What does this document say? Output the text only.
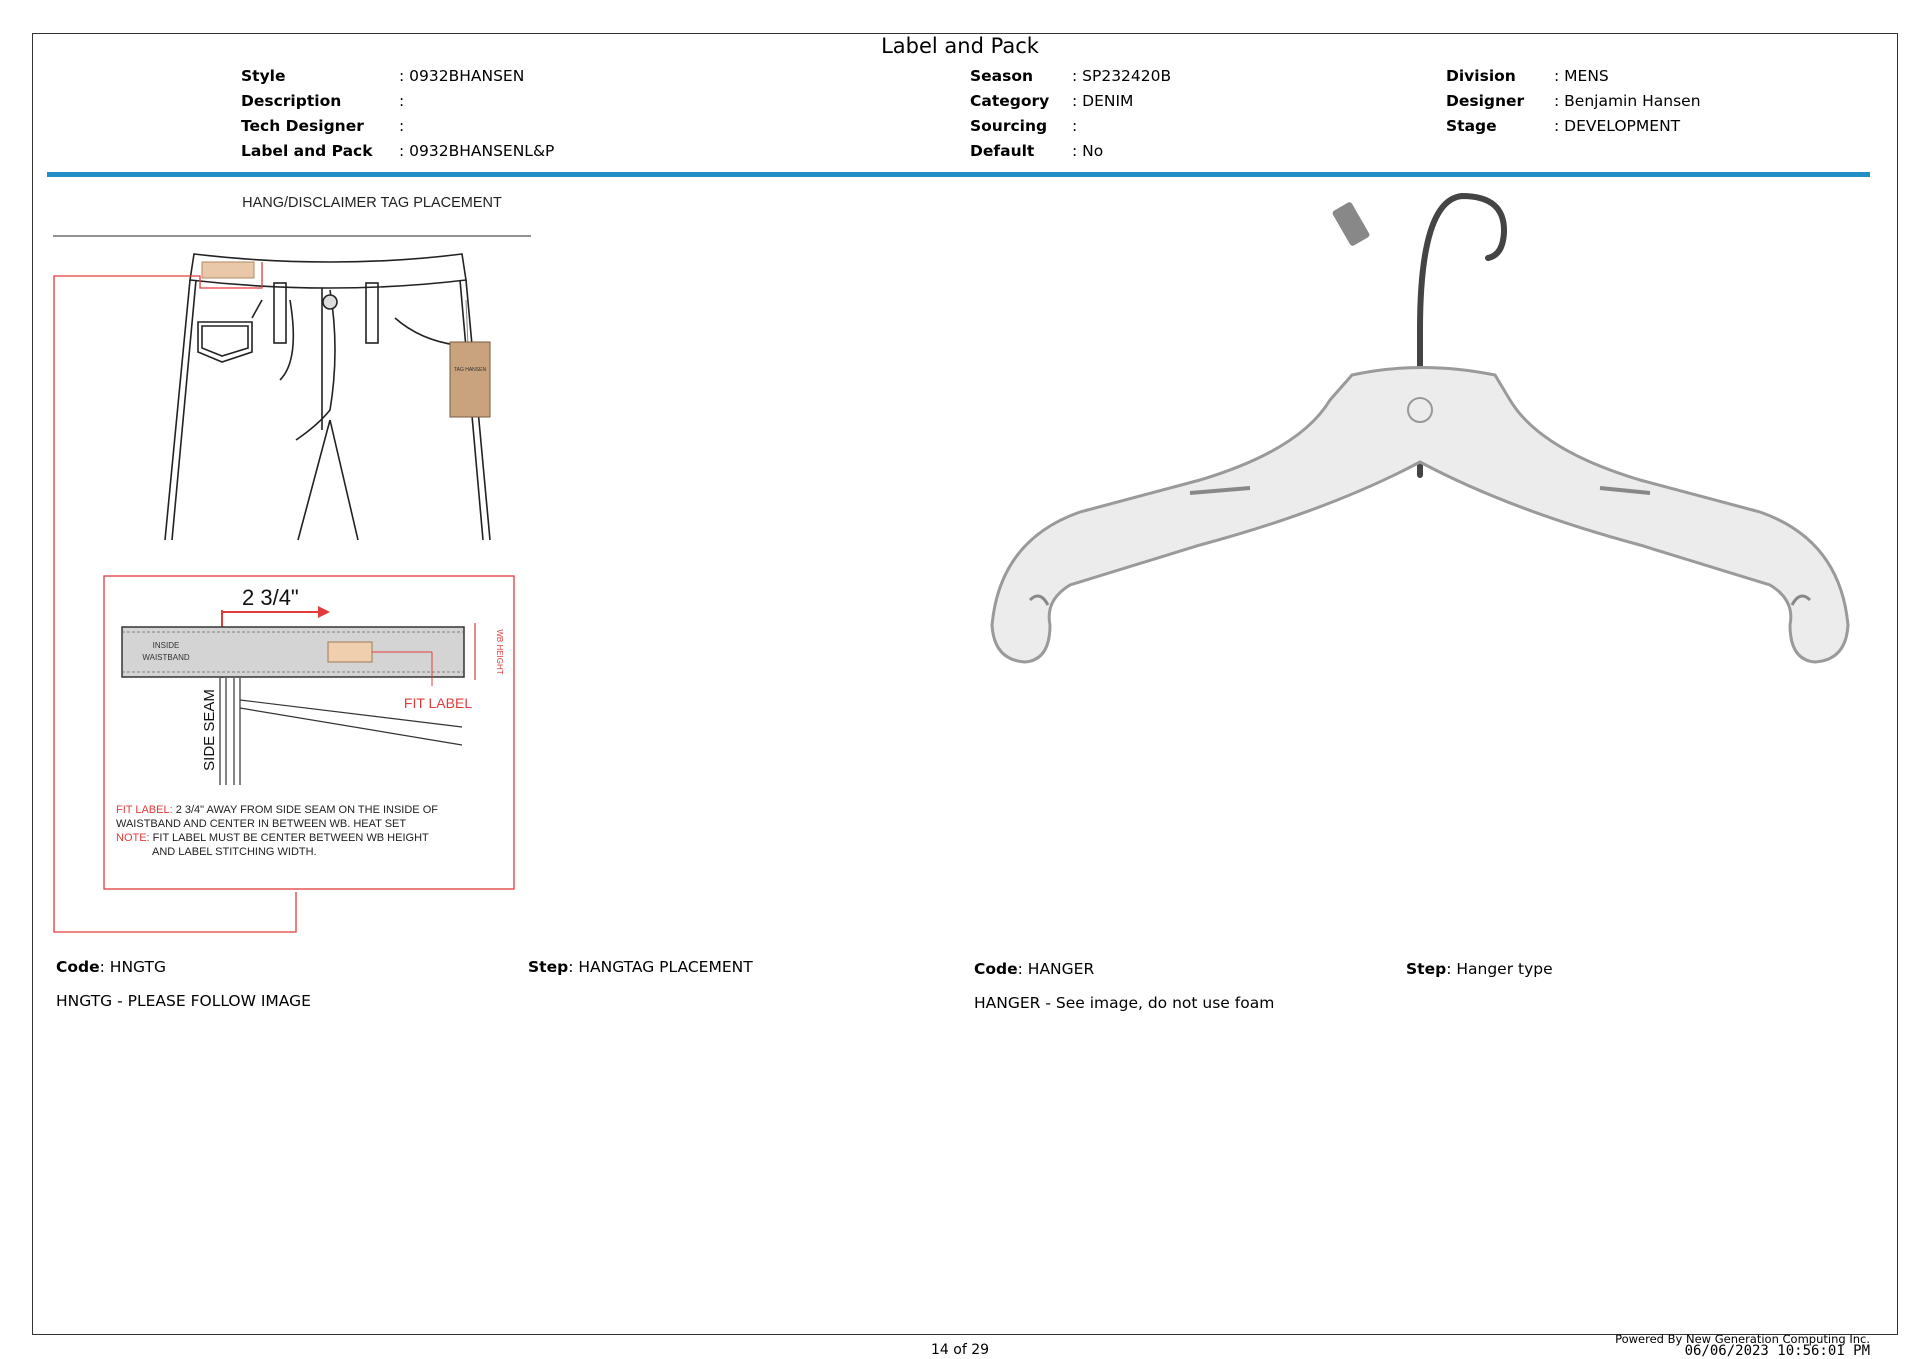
Label and Pack
Style	: 0932BHANSEN
Description	:
Tech Designer	:
Label and Pack	: 0932BHANSENL&P
Season	: SP232420B
Category	: DENIM
Sourcing	:
Default	: No
Division	: MENS
Designer	: Benjamin Hansen
Stage	: DEVELOPMENT
HANG/DISCLAIMER TAG PLACEMENT
TAG HANSEN
2 3/4"
INSIDE
WAISTBAND
FIT LABEL
WB HEIGHT
SIDE SEAM
FIT LABEL: 2 3/4" AWAY FROM SIDE SEAM ON THE INSIDE OF
WAISTBAND AND CENTER IN BETWEEN WB. HEAT SET
NOTE: FIT LABEL MUST BE CENTER BETWEEN WB HEIGHT
AND LABEL STITCHING WIDTH.
Code: HNGTG	Step: HANGTAG PLACEMENT
HNGTG - PLEASE FOLLOW IMAGE
Code: HANGER	Step: Hanger type
HANGER - See image, do not use foam
14 of 29
Powered By New Generation Computing Inc.
06/06/2023 10:56:01 PM
